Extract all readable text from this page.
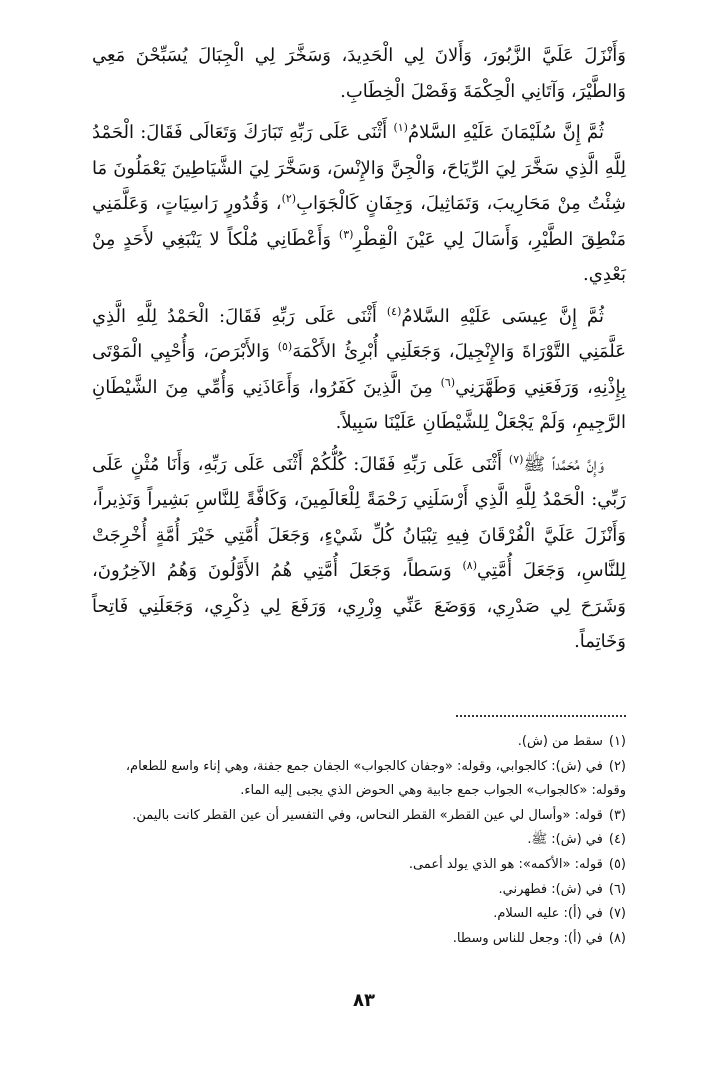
وَأَنْزَلَ عَلَيَّ الزَّبُورَ، وَأَلانَ لِي الْحَدِيدَ، وَسَخَّرَ لِي الْجِبَالَ يُسَبِّحْنَ مَعِي وَالطَّيْرَ، وَآتَانِي الْحِكْمَةَ وَفَصْلَ الْخِطَابِ.

ثُمَّ إِنَّ سُلَيْمَانَ عَلَيْهِ السَّلامُ$^{(١)}$ أَثْنَى عَلَى رَبِّهِ تَبَارَكَ وَتَعَالَى فَقَالَ: الْحَمْدُ لِلَّهِ الَّذِي سَخَّرَ لِيَ الرِّيَاحَ، وَالْجِنَّ وَالإِنْسَ، وَسَخَّرَ لِيَ الشَّيَاطِينَ يَعْمَلُونَ مَا شِئْتُ مِنْ مَحَارِيبَ، وَتَمَاثِيلَ، وَجِفَانٍ كَالْجَوَابِ$^{(٢)}$، وَقُدُورٍ رَاسِيَاتٍ، وَعَلَّمَنِي مَنْطِقَ الطَّيْرِ، وَأَسَالَ لِي عَيْنَ الْقِطْرِ$^{(٣)}$ وَأَعْطَانِي مُلْكاً لا يَنْبَغِي لأَحَدٍ مِنْ بَعْدِي.

ثُمَّ إِنَّ عِيسَى عَلَيْهِ السَّلامُ$^{(٤)}$ أَثْنَى عَلَى رَبِّهِ فَقَالَ: الْحَمْدُ لِلَّهِ الَّذِي عَلَّمَنِي التَّوْرَاةَ وَالإِنْجِيلَ، وَجَعَلَنِي أُبْرِئُ الأَكْمَهَ$^{(٥)}$ وَالأَبْرَصَ، وَأُحْيِي الْمَوْتَى بِإِذْنِهِ، وَرَفَعَنِي وَطَهَّرَنِي$^{(٦)}$ مِنَ الَّذِينَ كَفَرُوا، وَأَعَاذَنِي وَأُمِّي مِنَ الشَّيْطَانِ الرَّجِيمِ، وَلَمْ يَجْعَلْ لِلشَّيْطَانِ عَلَيْنَا سَبِيلاً.

وَإِنَّ مُحَمَّداً ﷺ$^{(٧)}$ أَثْنَى عَلَى رَبِّهِ فَقَالَ: كُلُّكُمْ أَثْنَى عَلَى رَبِّهِ، وَأَنَا مُثْنٍ عَلَى رَبِّي: الْحَمْدُ لِلَّهِ الَّذِي أَرْسَلَنِي رَحْمَةً لِلْعَالَمِينَ، وَكَافَّةً لِلنَّاسِ بَشِيراً وَنَذِيراً، وَأَنْزَلَ عَلَيَّ الْفُرْقَانَ فِيهِ تِبْيَانُ كُلِّ شَيْءٍ، وَجَعَلَ أُمَّتِي خَيْرَ أُمَّةٍ أُخْرِجَتْ لِلنَّاسِ، وَجَعَلَ أُمَّتِي$^{(٨)}$ وَسَطاً، وَجَعَلَ أُمَّتِي هُمُ الأَوَّلُونَ وَهُمُ الآخِرُونَ، وَشَرَحَ لِي صَدْرِي، وَوَضَعَ عَنِّي وِزْرِي، وَرَفَعَ لِي ذِكْرِي، وَجَعَلَنِي فَاتِحاً وَخَاتِماً.

(١)سقط من (ش).

(٢)في (ش): كالجوابي، وقوله: «وجفان كالجواب» الجفان جمع جفنة، وهي إناء واسع للطعام، وقوله: «كالجواب» الجواب جمع جابية وهي الحوض الذي يجبى إليه الماء.

(٣)قوله: «وأسال لي عين القطر» القطر النحاس، وفي التفسير أن عين القطر كانت باليمن.

(٤)في (ش): ﷺ.

(٥)قوله: «الأكمه»: هو الذي يولد أعمى.

(٦)في (ش): فطهرني.

(٧)في (أ): عليه السلام.

(٨)في (أ): وجعل للناس وسطا.

٨٣
